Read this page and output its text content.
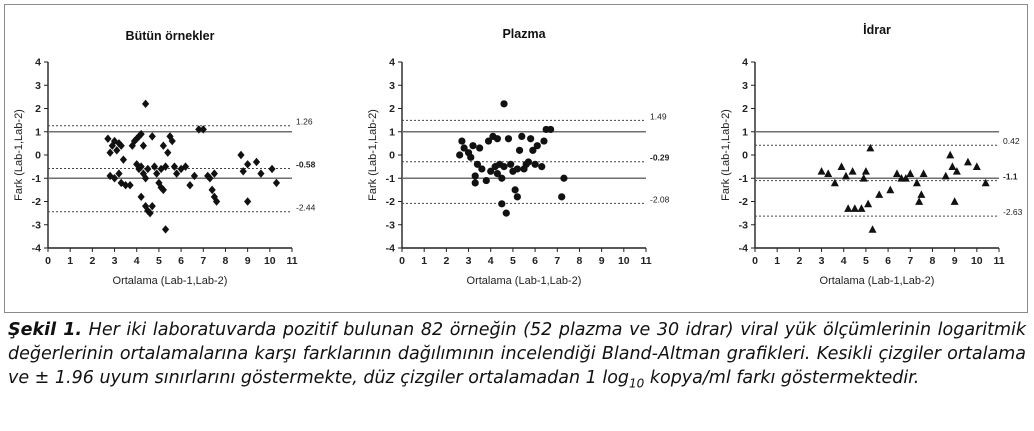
Bütün örnekler
4
3
2
1
0
-1
-2
-3
-4
0 1 2 3 4 5 6 7 8 9 10 11
Ortalama (Lab-1,Lab-2)
Fark (Lab-1,Lab-2)	1.26
-0.58
-2.44
Plazma
4
3
2
1
0
-1
-2
-3
-4
0 1 2 3 4 5 6 7 8 9 10 11
Ortalama (Lab-1,Lab-2)
Fark (Lab-1,Lab-2)	1.49
-0.29
-2.08
İdrar
4
3
2
1
0
-1
-2
-3
-4
0 1 2 3 4 5 6 7 8 9 10 11
Ortalama (Lab-1,Lab-2)
Fark (Lab-1,Lab-2)	0.42
-1.1
-2.63
Şekil 1. Her iki laboratuvarda pozitif bulunan 82 örneğin (52 plazma ve 30 idrar) viral yük ölçümlerinin logaritmik değerlerinin ortalamalarına karşı farklarının dağılımının incelendiği Bland-Altman grafikleri. Kesikli çizgiler ortalama ve ± 1.96 uyum sınırlarını göstermekte, düz çizgiler ortalamadan 1 $\log_{10}$ kopya/ml farkı göstermektedir.
